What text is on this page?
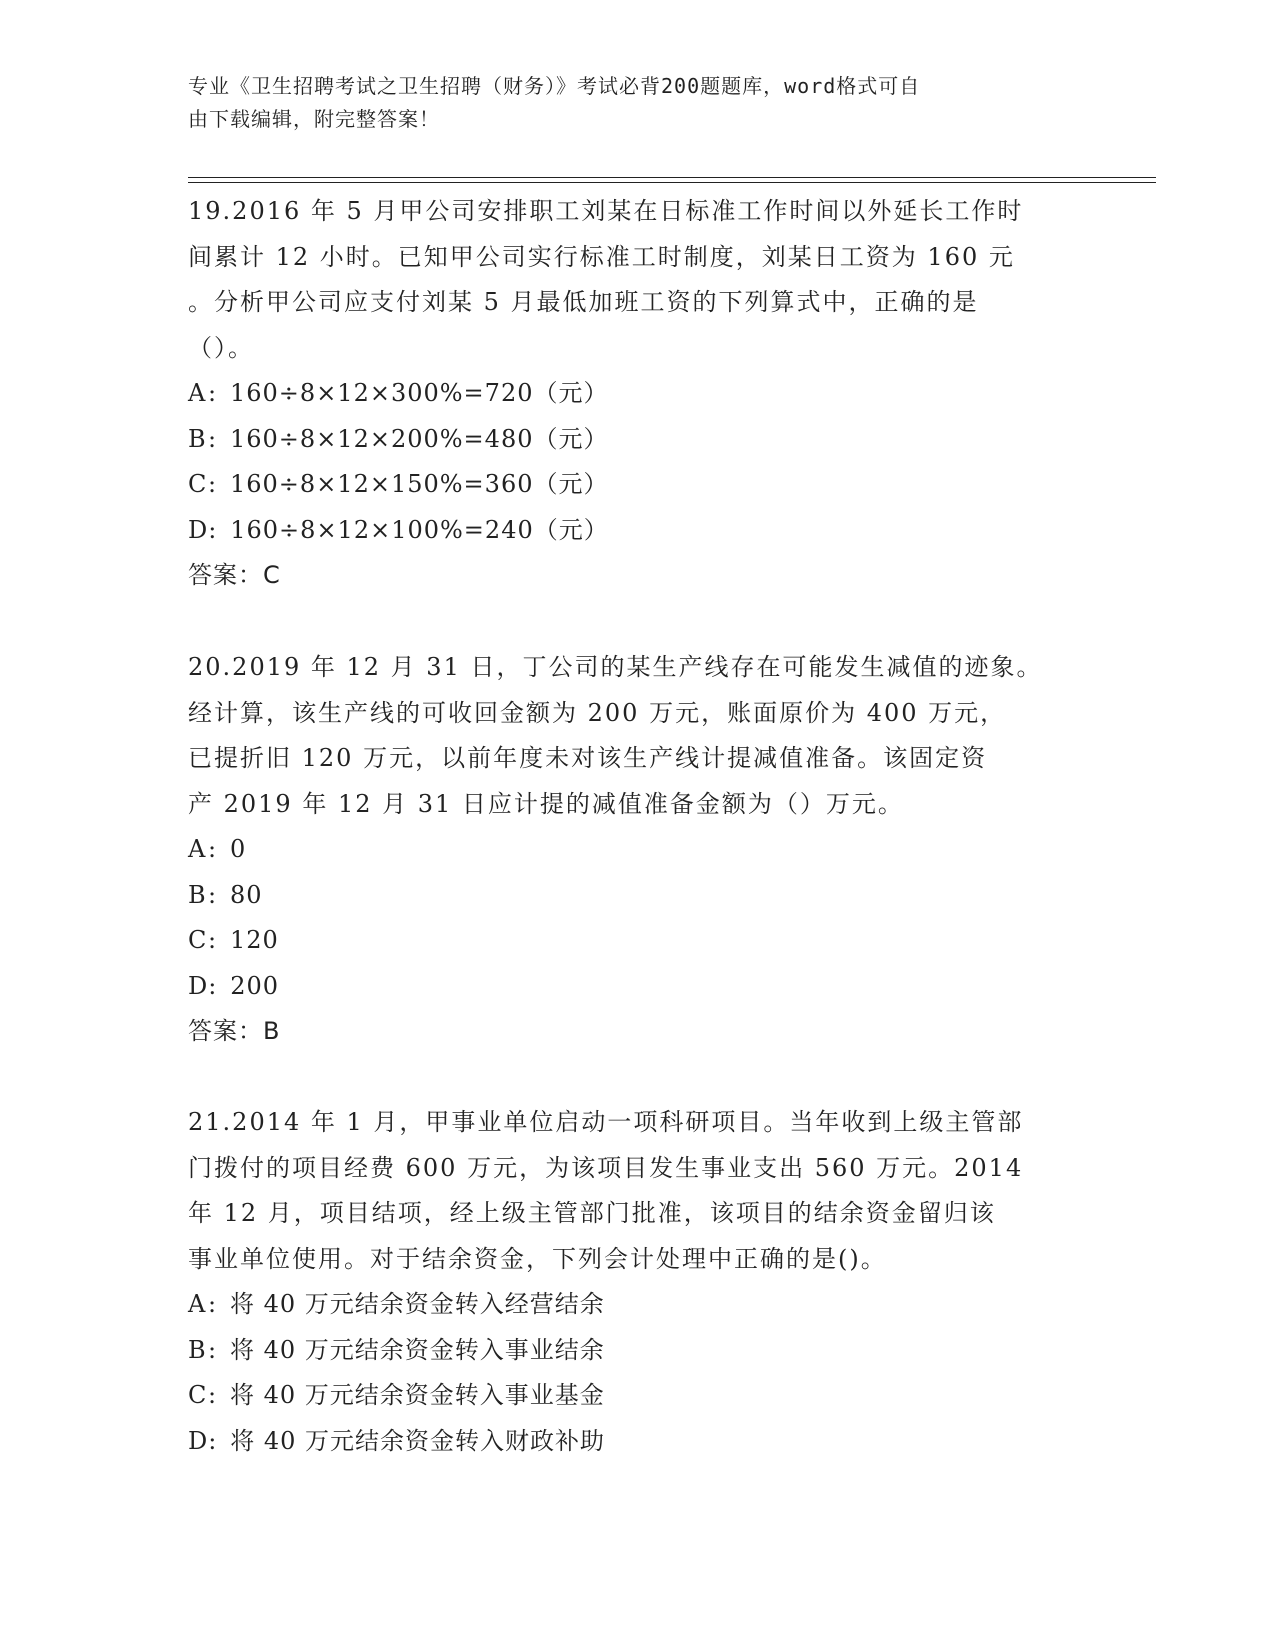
专业《卫生招聘考试之卫生招聘（财务）》考试必背200题题库，word格式可自
由下载编辑，附完整答案！

19.2016 年 5 月甲公司安排职工刘某在日标准工作时间以外延长工作时

间累计 12 小时。已知甲公司实行标准工时制度，刘某日工资为 160 元

。分析甲公司应支付刘某 5 月最低加班工资的下列算式中，正确的是

（）。

A: 160÷8×12×300%=720（元）

B: 160÷8×12×200%=480（元）

C: 160÷8×12×150%=360（元）

D: 160÷8×12×100%=240（元）

答案：C

20.2019 年 12 月 31 日，丁公司的某生产线存在可能发生减值的迹象。

经计算，该生产线的可收回金额为 200 万元，账面原价为 400 万元，

已提折旧 120 万元，以前年度未对该生产线计提减值准备。该固定资

产 2019 年 12 月 31 日应计提的减值准备金额为（）万元。

A: 0

B: 80

C: 120

D: 200

答案：B

21.2014 年 1 月，甲事业单位启动一项科研项目。当年收到上级主管部

门拨付的项目经费 600 万元，为该项目发生事业支出 560 万元。2014

年 12 月，项目结项，经上级主管部门批准，该项目的结余资金留归该

事业单位使用。对于结余资金，下列会计处理中正确的是()。

A: 将 40 万元结余资金转入经营结余

B: 将 40 万元结余资金转入事业结余

C: 将 40 万元结余资金转入事业基金

D: 将 40 万元结余资金转入财政补助
